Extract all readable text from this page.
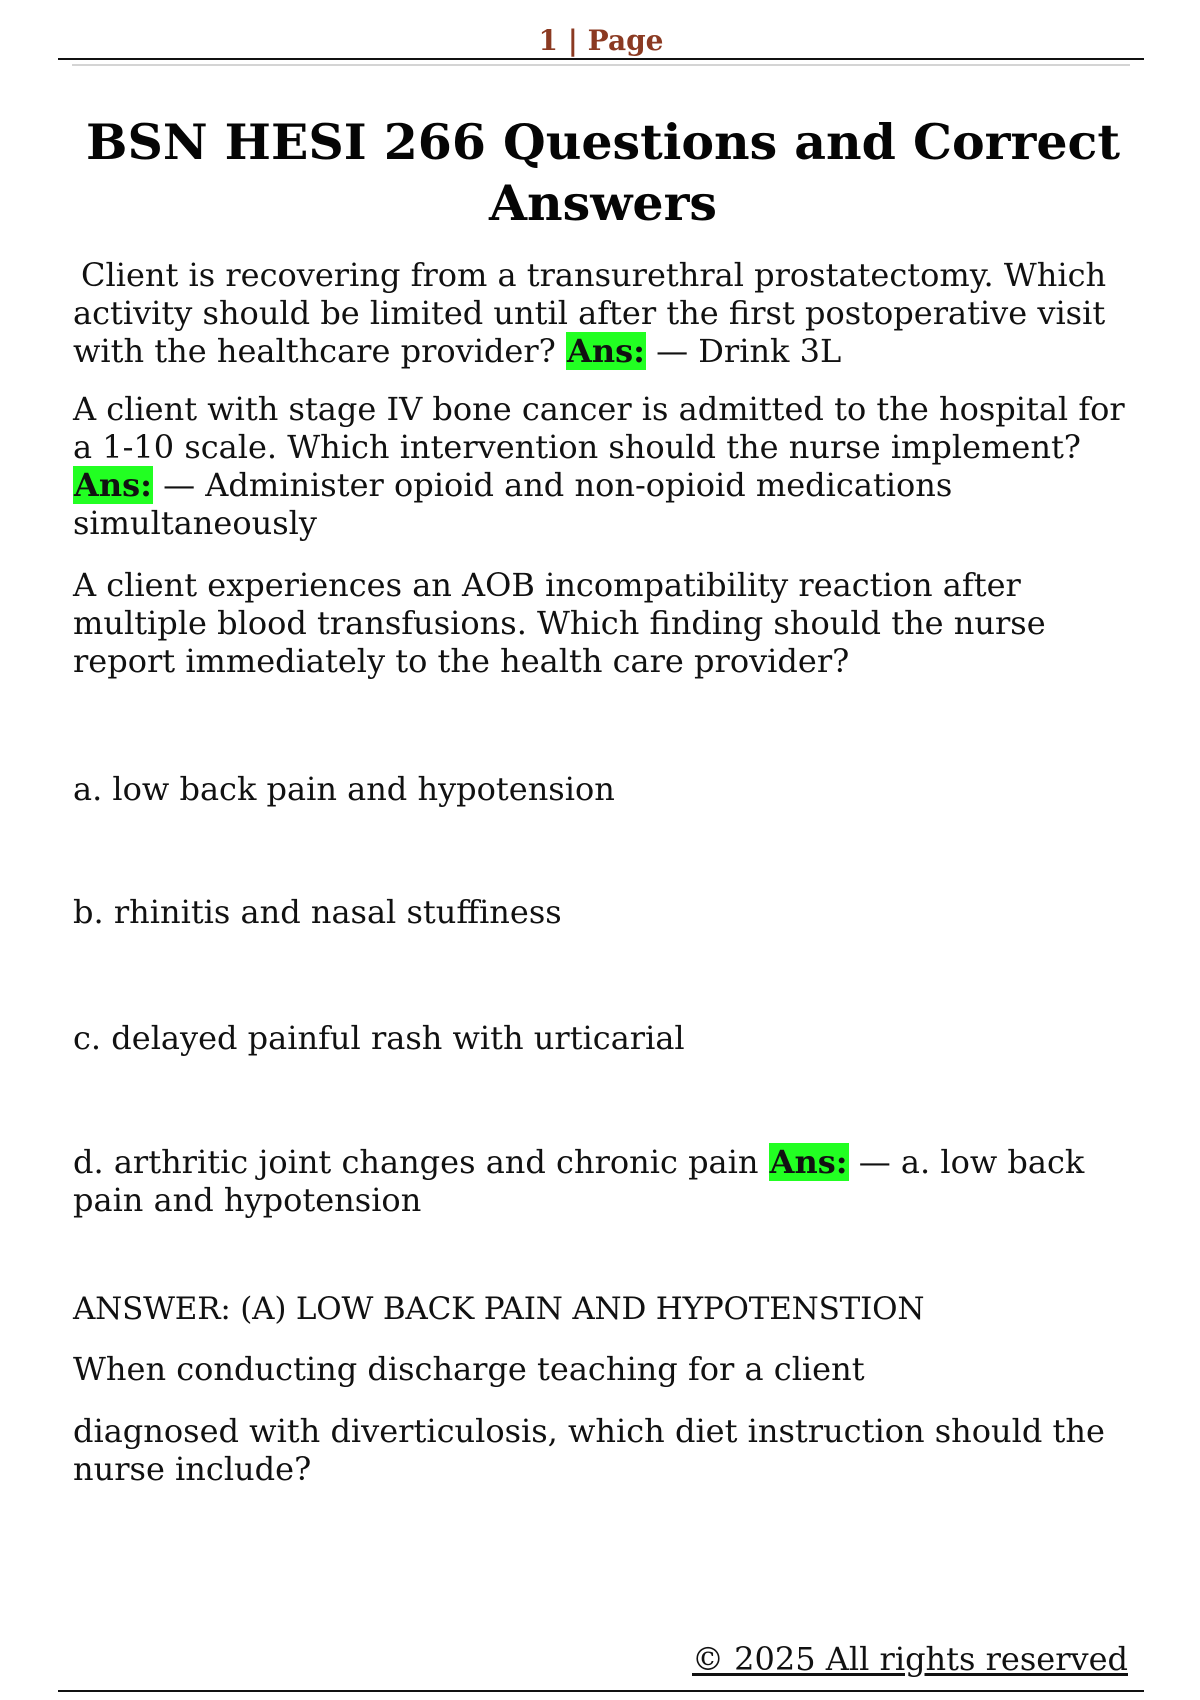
1 | Page
BSN HESI 266 Questions and Correct Answers

Client is recovering from a transurethral prostatectomy. Which activity should be limited until after the first postoperative visit with the healthcare provider? Ans: — Drink 3L

A client with stage IV bone cancer is admitted to the hospital for a 1-10 scale. Which intervention should the nurse implement? Ans: — Administer opioid and non-opioid medications simultaneously

A client experiences an AOB incompatibility reaction after multiple blood transfusions. Which finding should the nurse report immediately to the health care provider?

a. low back pain and hypotension

b. rhinitis and nasal stuffiness

c. delayed painful rash with urticarial

d. arthritic joint changes and chronic pain Ans: — a. low back pain and hypotension

ANSWER: (A) LOW BACK PAIN AND HYPOTENSTION

When conducting discharge teaching for a client

diagnosed with diverticulosis, which diet instruction should the nurse include?

© 2025 All rights reserved
